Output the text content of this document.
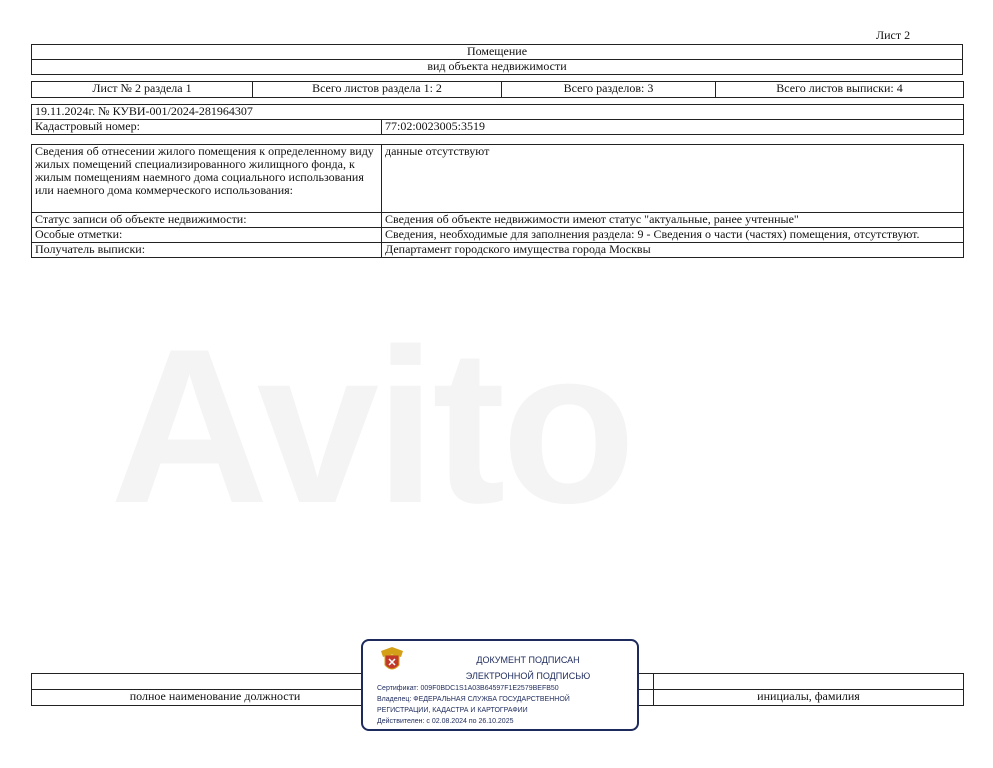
Avito
Лист 2
Помещение
вид объекта недвижимости
Лист № 2 раздела 1	Всего листов раздела 1: 2	Всего разделов: 3	Всего листов выписки: 4
19.11.2024г. № КУВИ-001/2024-281964307
Кадастровый номер:	77:02:0023005:3519
Сведения об отнесении жилого помещения к определенному виду жилых помещений специализированного жилищного фонда, к жилым помещениям наемного дома социального использования или наемного дома коммерческого использования:	данные отсутствуют
Статус записи об объекте недвижимости:	Сведения об объекте недвижимости имеют статус "актуальные, ранее учтенные"
Особые отметки:	Сведения, необходимые для заполнения раздела: 9 - Сведения о части (частях) помещения, отсутствуют.
Получатель выписки:	Департамент городского имущества города Москвы

полное наименование должности		инициалы, фамилия
ДОКУМЕНТ ПОДПИСАН
ЭЛЕКТРОННОЙ ПОДПИСЬЮ
Сертификат: 009F0BDC1S1A03B64597F1E2579BEFB50
Владелец: ФЕДЕРАЛЬНАЯ СЛУЖБА ГОСУДАРСТВЕННОЙ
РЕГИСТРАЦИИ, КАДАСТРА И КАРТОГРАФИИ
Действителен: с 02.08.2024 по 26.10.2025
